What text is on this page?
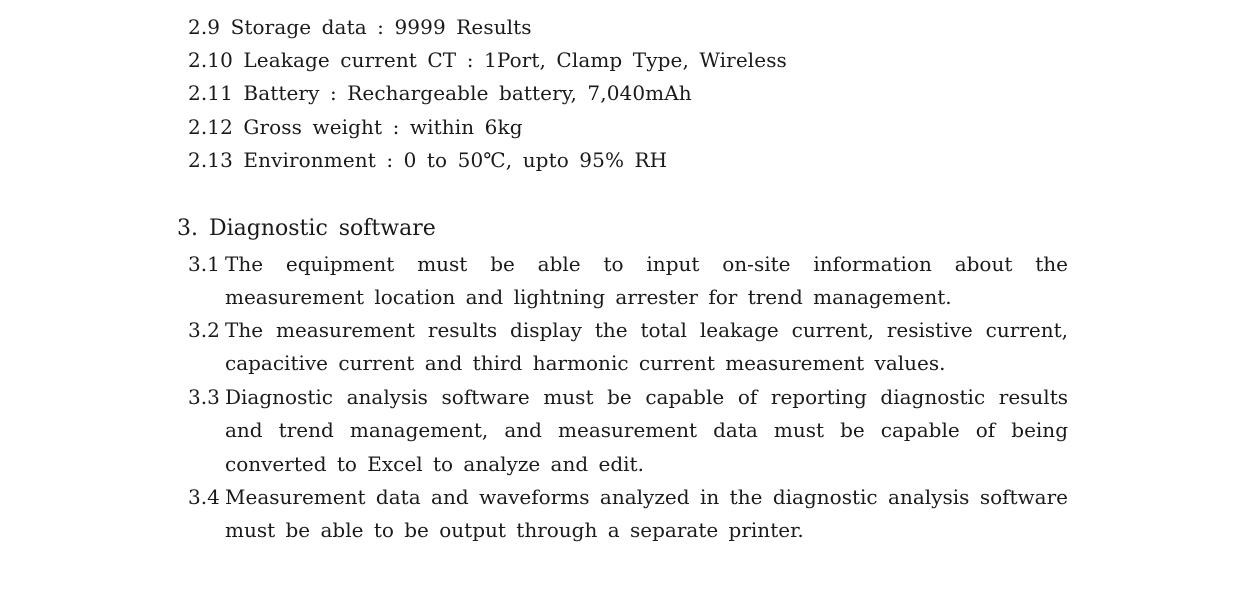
2.9 Storage data : 9999 Results
2.10 Leakage current CT : 1Port, Clamp Type, Wireless
2.11 Battery : Rechargeable battery, 7,040mAh
2.12 Gross weight : within 6kg
2.13 Environment : 0 to 50℃, upto 95% RH
3. Diagnostic software
3.1 The equipment must be able to input on-site information about the measurement location and lightning arrester for trend management.
3.2 The measurement results display the total leakage current, resistive current, capacitive current and third harmonic current measurement values.
3.3 Diagnostic analysis software must be capable of reporting diagnostic results and trend management, and measurement data must be capable of being converted to Excel to analyze and edit.
3.4 Measurement data and waveforms analyzed in the diagnostic analysis software must be able to be output through a separate printer.
